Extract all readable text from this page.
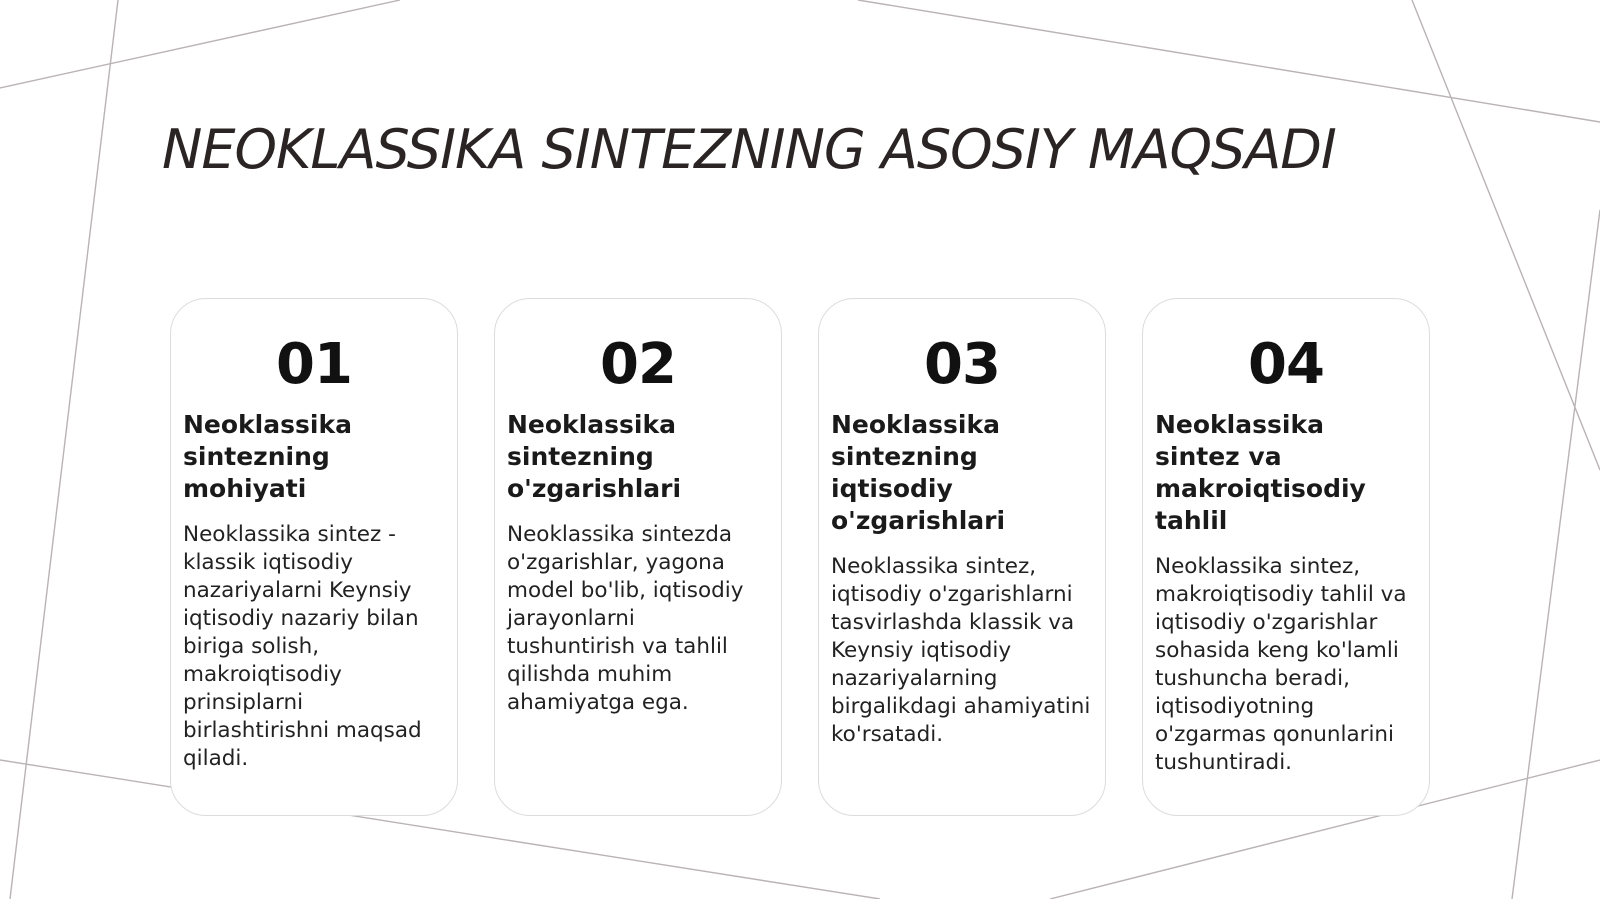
NEOKLASSIKA SINTEZNING ASOSIY MAQSADI
01
Neoklassika sintezning mohiyati
Neoklassika sintez - klassik iqtisodiy nazariyalarni Keynsiy iqtisodiy nazariy bilan biriga solish, makroiqtisodiy prinsiplarni birlashtirishni maqsad qiladi.
02
Neoklassika sintezning o'zgarishlari
Neoklassika sintezda o'zgarishlar, yagona model bo'lib, iqtisodiy jarayonlarni tushuntirish va tahlil qilishda muhim ahamiyatga ega.
03
Neoklassika sintezning iqtisodiy o'zgarishlari
Neoklassika sintez, iqtisodiy o'zgarishlarni tasvirlashda klassik va Keynsiy iqtisodiy nazariyalarning birgalikdagi ahamiyatini ko'rsatadi.
04
Neoklassika sintez va makroiqtisodiy tahlil
Neoklassika sintez, makroiqtisodiy tahlil va iqtisodiy o'zgarishlar sohasida keng ko'lamli tushuncha beradi, iqtisodiyotning o'zgarmas qonunlarini tushuntiradi.
